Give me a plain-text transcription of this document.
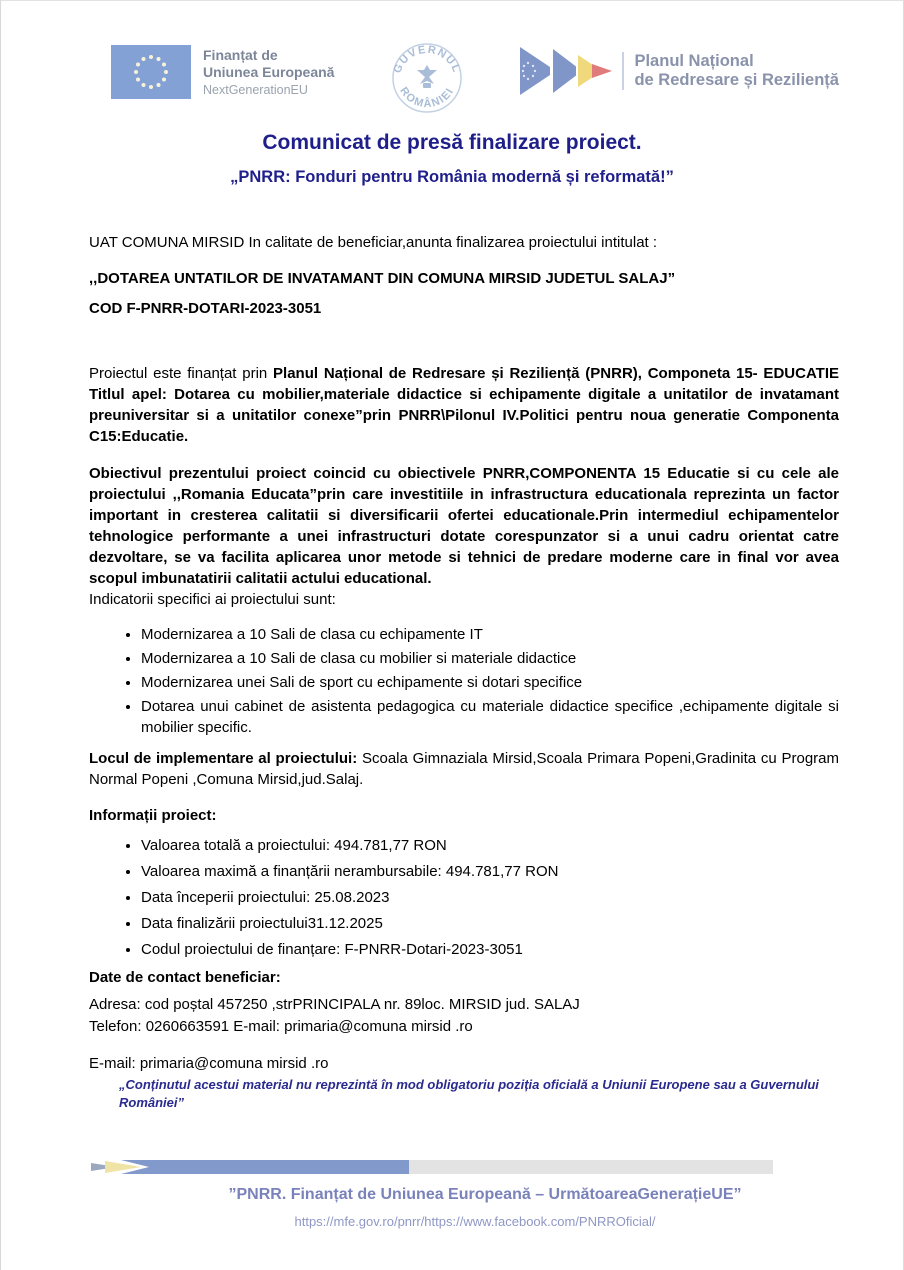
Finanțat de
Uniunea Europeană
NextGenerationEU
GUVERNUL
ROMÂNIEI
Planul Național
de Redresare și Reziliență
Comunicat de presă finalizare proiect.
„PNRR: Fonduri pentru România modernă și reformată!”
UAT COMUNA MIRSID In calitate de beneficiar,anunta finalizarea proiectului intitulat :
,,DOTAREA UNTATILOR DE INVATAMANT DIN COMUNA MIRSID JUDETUL SALAJ”
COD F-PNRR-DOTARI-2023-3051
Proiectul este finanțat prin Planul Național de Redresare și Reziliență (PNRR), Componeta 15- EDUCATIE Titlul apel: Dotarea cu mobilier,materiale didactice si echipamente digitale a unitatilor de invatamant preuniversitar si a unitatilor conexe”prin PNRR\Pilonul IV.Politici pentru noua generatie Componenta C15:Educatie.
Obiectivul prezentului proiect coincid cu obiectivele PNRR,COMPONENTA 15 Educatie si cu cele ale proiectului ,,Romania Educata”prin care investitiile in infrastructura educationala reprezinta un factor important in cresterea calitatii si diversificarii ofertei educationale.Prin intermediul echipamentelor tehnologice performante a unei infrastructuri dotate corespunzator si a unui cadru orientat catre dezvoltare, se va facilita aplicarea unor metode si tehnici de predare moderne care in final vor avea scopul imbunatatirii calitatii actului educational.
Indicatorii specifici ai proiectului sunt:
• Modernizarea a 10 Sali de clasa cu echipamente IT
• Modernizarea a 10 Sali de clasa cu mobilier si materiale didactice
• Modernizarea unei Sali de sport cu echipamente si dotari specifice
• Dotarea unui cabinet de asistenta pedagogica cu materiale didactice specifice ,echipamente digitale si mobilier specific.
Locul de implementare al proiectului: Scoala Gimnaziala Mirsid,Scoala Primara Popeni,Gradinita cu Program Normal Popeni ,Comuna Mirsid,jud.Salaj.
Informații proiect:
• Valoarea totală a proiectului: 494.781,77 RON
• Valoarea maximă a finanțării nerambursabile: 494.781,77 RON
• Data începerii proiectului: 25.08.2023
• Data finalizării proiectului31.12.2025
• Codul proiectului de finanțare: F-PNRR-Dotari-2023-3051
Date de contact beneficiar:
Adresa: cod poștal 457250 ,strPRINCIPALA nr. 89loc. MIRSID jud. SALAJ
Telefon: 0260663591 E-mail: primaria@comuna mirsid .ro
E-mail: primaria@comuna mirsid .ro
„Conținutul acestui material nu reprezintă în mod obligatoriu poziția oficială a Uniunii Europene sau a Guvernului României”
”PNRR. Finanțat de Uniunea Europeană – UrmătoareaGenerațieUE”
https://mfe.gov.ro/pnrr/https://www.facebook.com/PNRROficial/
